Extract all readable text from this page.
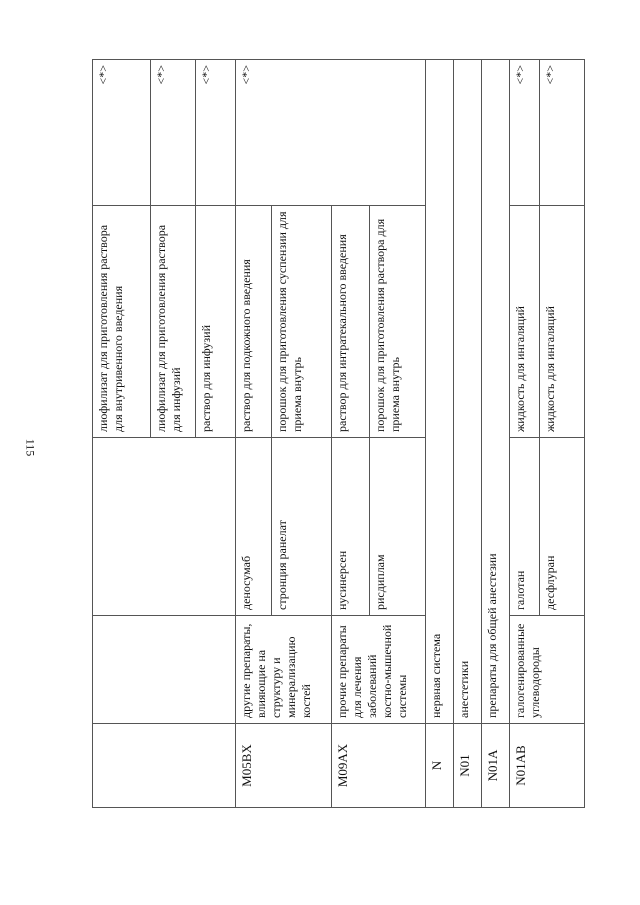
115
			лиофилизат для приготовления раствора для внутривенного введения	<*>
			лиофилизат для приготовления раствора для инфузий	<*>
			раствор для инфузий	<*>
M05BX	другие препараты, влияющие на структуру и минерализацию костей	деносумаб	раствор для подкожного введения	<*>
		стронция ранелат	порошок для приготовления суспензии для приема внутрь	
M09AX	прочие препараты для лечения заболеваний костно-мышечной системы	нусинерсен	раствор для интратекального введения	
		рисдиплам	порошок для приготовления раствора для приема внутрь	
N	нервная система			
N01	анестетики			
N01A	препараты для общей анестезии			
N01AB	галогенированные углеводороды	галотан	жидкость для ингаляций	<*>
		десфлуран	жидкость для ингаляций	<*>
